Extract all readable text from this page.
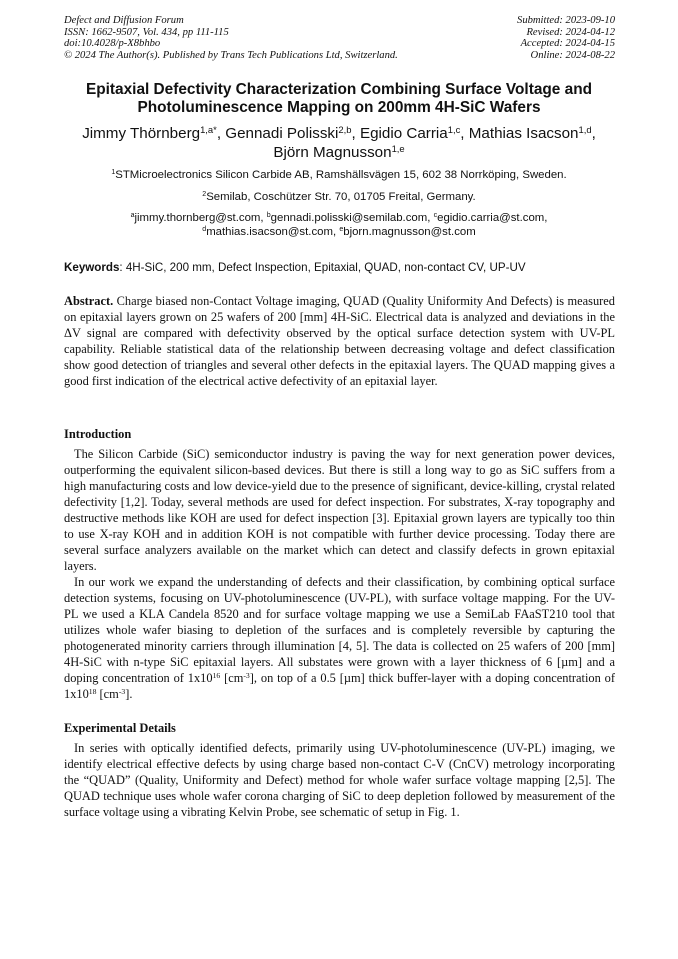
Defect and Diffusion Forum
ISSN: 1662-9507, Vol. 434, pp 111-115
doi:10.4028/p-X8bhbo
© 2024 The Author(s). Published by Trans Tech Publications Ltd, Switzerland.
Submitted: 2023-09-10
Revised: 2024-04-12
Accepted: 2024-04-15
Online: 2024-08-22
Epitaxial Defectivity Characterization Combining Surface Voltage and
Photoluminescence Mapping on 200mm 4H-SiC Wafers
Jimmy Thörnberg$^{1,a*}$, Gennadi Polisski$^{2,b}$, Egidio Carria$^{1,c}$, Mathias Isacson$^{1,d}$,
Björn Magnusson$^{1,e}$
$^1$STMicroelectronics Silicon Carbide AB, Ramshällsvägen 15, 602 38 Norrköping, Sweden.
$^2$Semilab, Coschützer Str. 70, 01705 Freital, Germany.
$^a$jimmy.thornberg@st.com, $^b$gennadi.polisski@semilab.com, $^c$egidio.carria@st.com,
$^d$mathias.isacson@st.com, $^e$bjorn.magnusson@st.com
Keywords: 4H-SiC, 200 mm, Defect Inspection, Epitaxial, QUAD, non-contact CV, UP-UV
Abstract. Charge biased non-Contact Voltage imaging, QUAD (Quality Uniformity And Defects) is measured on epitaxial layers grown on 25 wafers of 200 [mm] 4H-SiC. Electrical data is analyzed and deviations in the ΔV signal are compared with defectivity observed by the optical surface detection system with UV-PL capability. Reliable statistical data of the relationship between decreasing voltage and defect classification show good detection of triangles and several other defects in the epitaxial layers. The QUAD mapping gives a good first indication of the electrical active defectivity of an epitaxial layer.
Introduction
The Silicon Carbide (SiC) semiconductor industry is paving the way for next generation power devices, outperforming the equivalent silicon-based devices. But there is still a long way to go as SiC suffers from a high manufacturing costs and low device-yield due to the presence of significant, device-killing, crystal related defectivity [1,2]. Today, several methods are used for defect inspection. For substrates, X-ray topography and destructive methods like KOH are used for defect inspection [3]. Epitaxial grown layers are typically too thin to use X-ray KOH and in addition KOH is not compatible with further device processing. Today there are several surface analyzers available on the market which can detect and classify defects in grown epitaxial layers.
In our work we expand the understanding of defects and their classification, by combining optical surface detection systems, focusing on UV-photoluminescence (UV-PL), with surface voltage mapping. For the UV-PL we used a KLA Candela 8520 and for surface voltage mapping we use a SemiLab FAaST210 tool that utilizes whole wafer biasing to depletion of the surfaces and is completely reversible by capturing the photogenerated minority carriers through illumination [4, 5]. The data is collected on 25 wafers of 200 [mm] 4H-SiC with n-type SiC epitaxial layers. All substates were grown with a layer thickness of 6 [µm] and a doping concentration of $1x10^{16}$ $[cm^{-3}]$, on top of a 0.5 [µm] thick buffer-layer with a doping concentration of $1x10^{18}$ $[cm^{-3}]$.
Experimental Details
In series with optically identified defects, primarily using UV-photoluminescence (UV-PL) imaging, we identify electrical effective defects by using charge based non-contact C-V (CnCV) metrology incorporating the “QUAD” (Quality, Uniformity and Defect) method for whole wafer surface voltage mapping [2,5]. The QUAD technique uses whole wafer corona charging of SiC to deep depletion followed by measurement of the surface voltage using a vibrating Kelvin Probe, see schematic of setup in Fig. 1.
